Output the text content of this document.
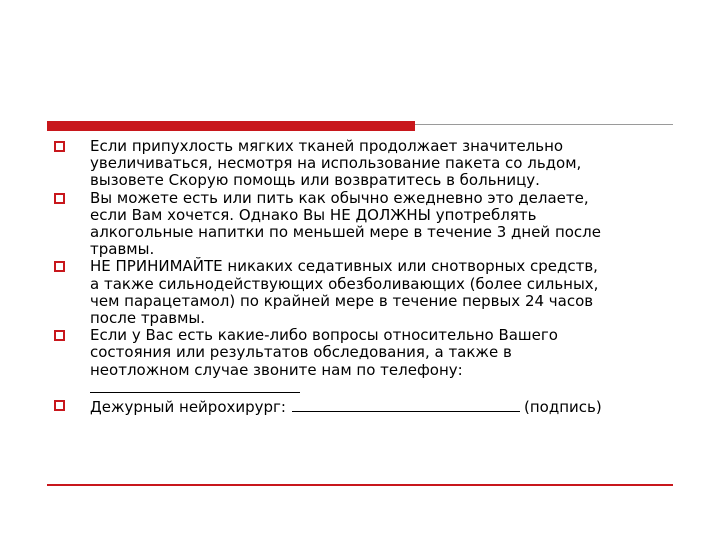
Если припухлость мягких тканей продолжает значительно
увеличиваться, несмотря на использование пакета со льдом,
вызовете Скорую помощь или возвратитесь в больницу.
Вы можете есть или пить как обычно ежедневно это делаете,
если Вам хочется. Однако Вы НЕ ДОЛЖНЫ употреблять
алкогольные напитки по меньшей мере в течение 3 дней после
травмы.
НЕ ПРИНИМАЙТЕ никаких седативных или снотворных средств,
а также сильнодействующих обезболивающих (более сильных,
чем парацетамол) по крайней мере в течение первых 24 часов
после травмы.
Если у Вас есть какие-либо вопросы относительно Вашего
состояния или результатов обследования, а также в
неотложном случае звоните нам по телефону:
Дежурный нейрохирург:	(подпись)
